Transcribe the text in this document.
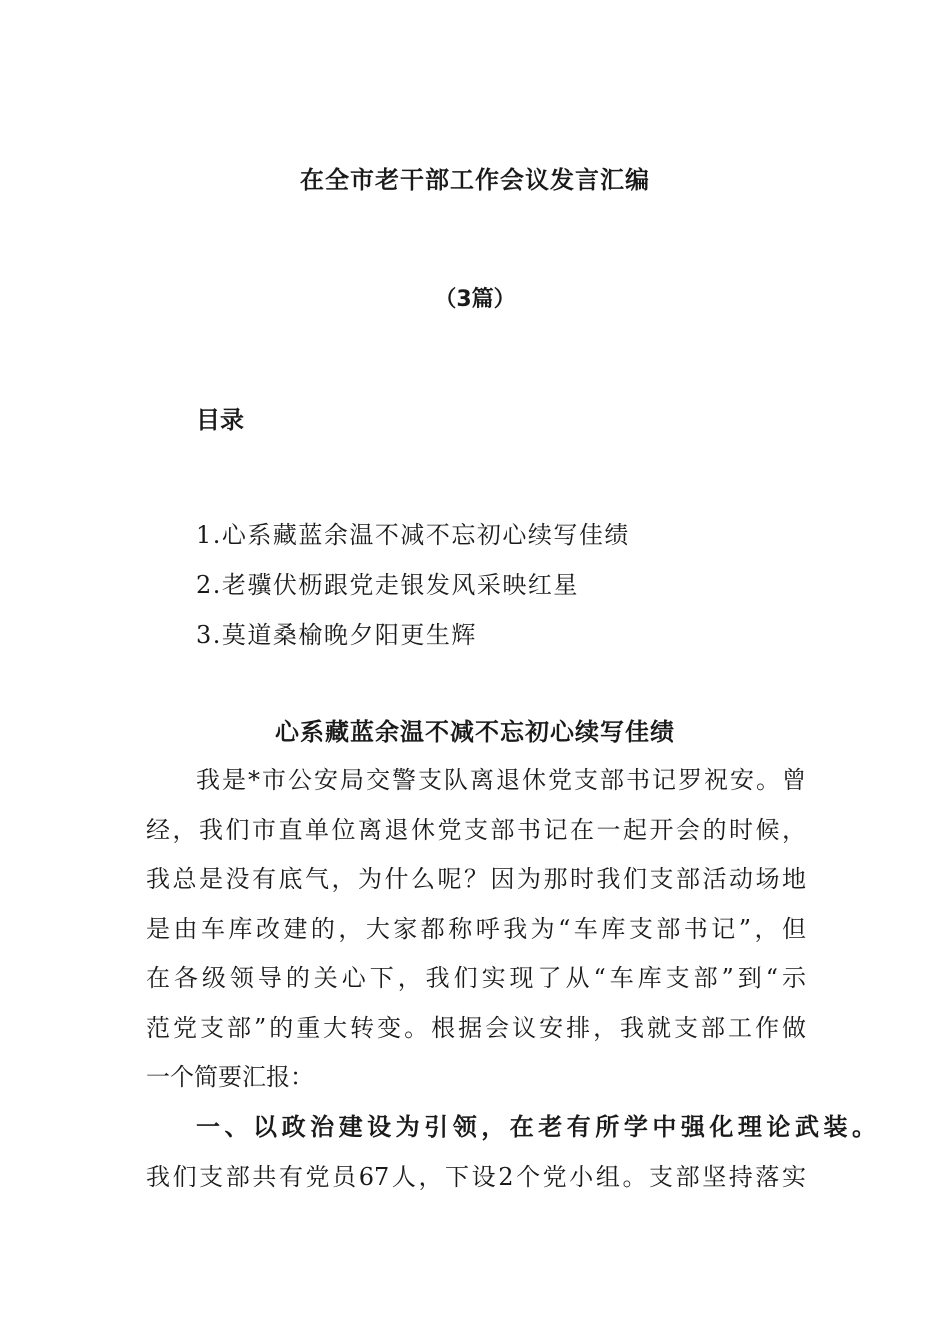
在全市老干部工作会议发言汇编
（3篇）
目录
1.心系藏蓝余温不减不忘初心续写佳绩
2.老骥伏枥跟党走银发风采映红星
3.莫道桑榆晚夕阳更生辉
心系藏蓝余温不减不忘初心续写佳绩
我是*市公安局交警支队离退休党支部书记罗祝安。曾
经，我们市直单位离退休党支部书记在一起开会的时候，
我总是没有底气，为什么呢？因为那时我们支部活动场地
是由车库改建的，大家都称呼我为“车库支部书记”，但
在各级领导的关心下，我们实现了从“车库支部”到“示
范党支部”的重大转变。根据会议安排，我就支部工作做
一个简要汇报：
一、以政治建设为引领，在老有所学中强化理论武装。
我们支部共有党员67人，下设2个党小组。支部坚持落实
